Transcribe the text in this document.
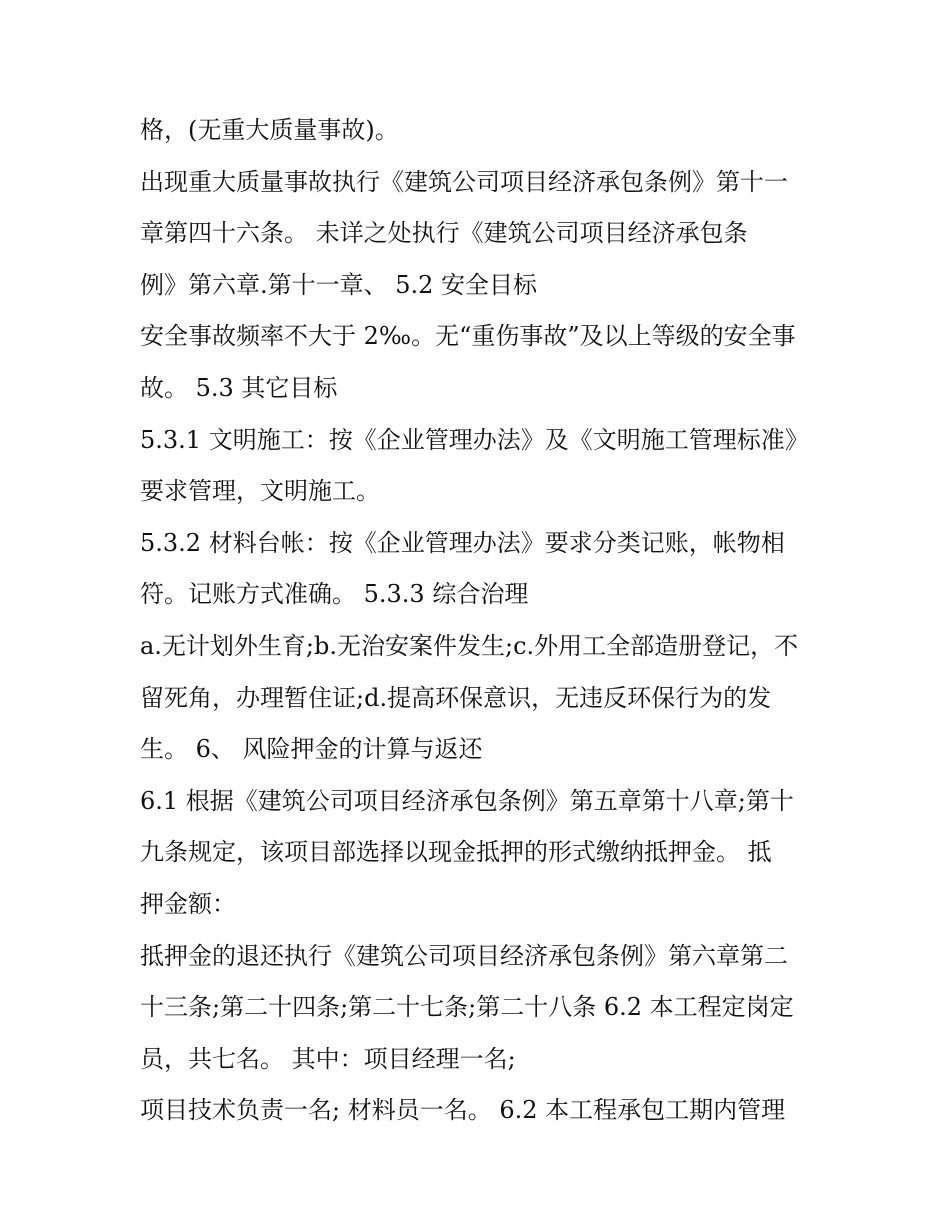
格，(无重大质量事故)。
出现重大质量事故执行《建筑公司项目经济承包条例》第十一
章第四十六条。 未详之处执行《建筑公司项目经济承包条
例》第六章.第十一章、 5.2 安全目标
安全事故频率不大于 2‰。无“重伤事故”及以上等级的安全事
故。 5.3 其它目标
5.3.1 文明施工：按《企业管理办法》及《文明施工管理标准》
要求管理，文明施工。
5.3.2 材料台帐：按《企业管理办法》要求分类记账，帐物相
符。记账方式准确。 5.3.3 综合治理
a.无计划外生育;b.无治安案件发生;c.外用工全部造册登记，不
留死角，办理暂住证;d.提高环保意识，无违反环保行为的发
生。 6、 风险押金的计算与返还
6.1 根据《建筑公司项目经济承包条例》第五章第十八章;第十
九条规定，该项目部选择以现金抵押的形式缴纳抵押金。 抵
押金额：
抵押金的退还执行《建筑公司项目经济承包条例》第六章第二
十三条;第二十四条;第二十七条;第二十八条 6.2 本工程定岗定
员，共七名。 其中：项目经理一名;
项目技术负责一名; 材料员一名。 6.2 本工程承包工期内管理
